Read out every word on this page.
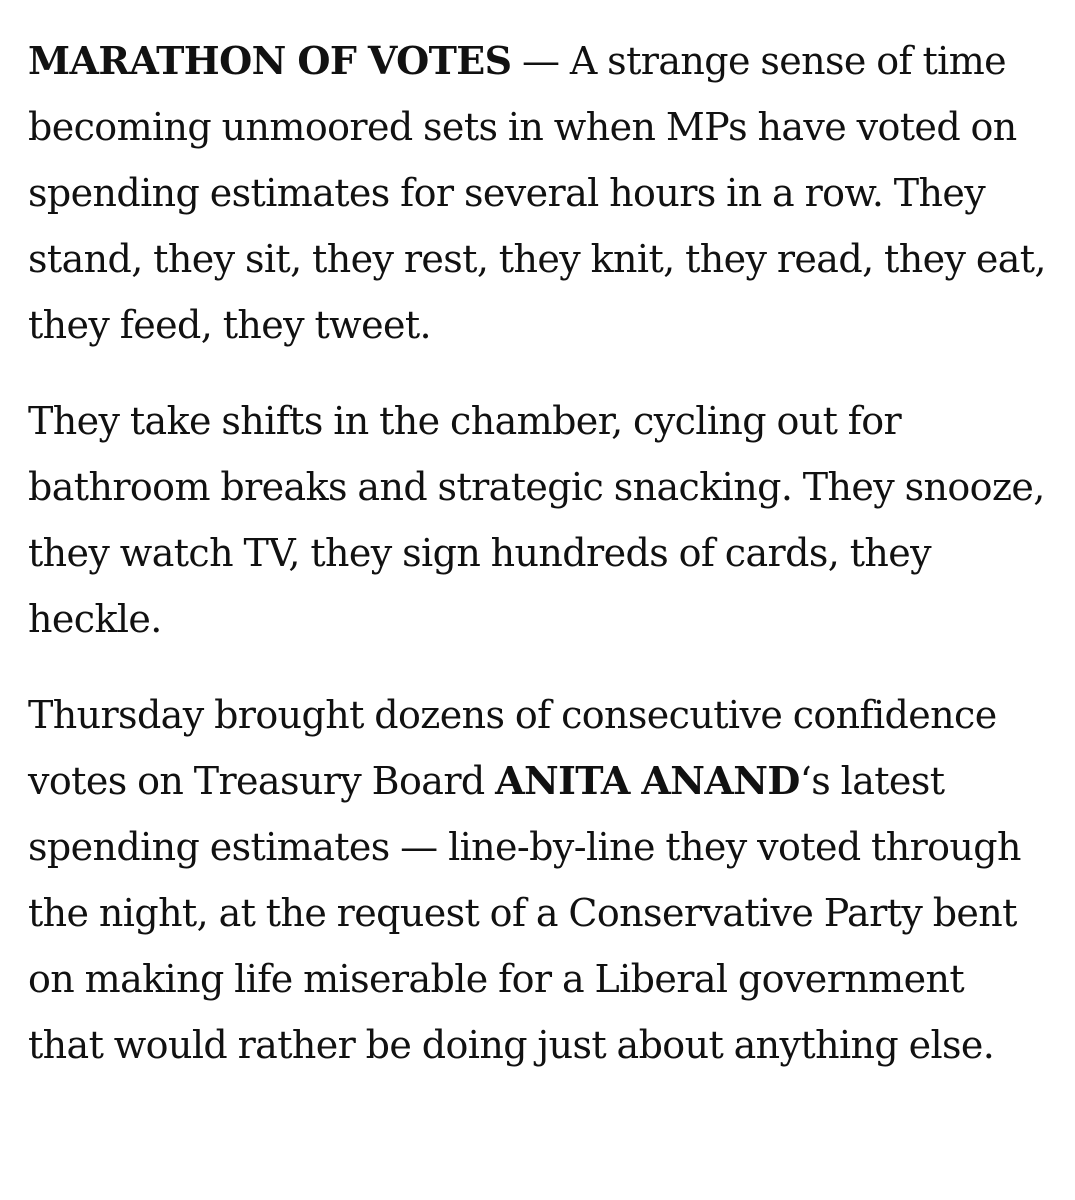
MARATHON OF VOTES — A strange sense of time becoming unmoored sets in when MPs have voted on spending estimates for several hours in a row. They stand, they sit, they rest, they knit, they read, they eat, they feed, they tweet.

They take shifts in the chamber, cycling out for bathroom breaks and strategic snacking. They snooze, they watch TV, they sign hundreds of cards, they heckle.

Thursday brought dozens of consecutive confidence votes on Treasury Board ANITA ANAND‘s latest spending estimates — line-by-line they voted through the night, at the request of a Conservative Party bent on making life miserable for a Liberal government that would rather be doing just about anything else.
